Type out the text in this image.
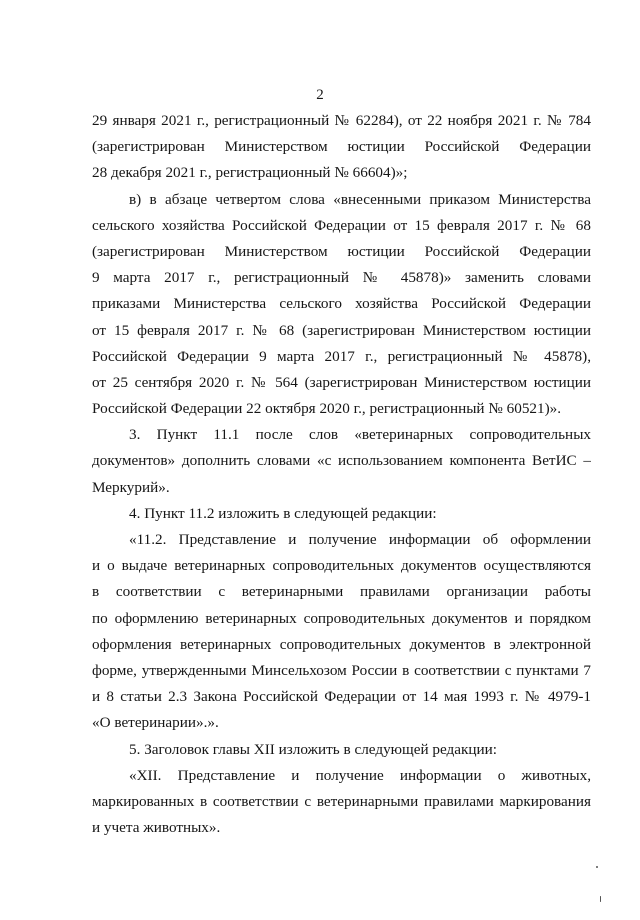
2
29 января 2021 г., регистрационный № 62284), от 22 ноября 2021 г. № 784
(зарегистрирован Министерством юстиции Российской Федерации
28 декабря 2021 г., регистрационный № 66604)»;
в) в абзаце четвертом слова «внесенными приказом Министерства
сельского хозяйства Российской Федерации от 15 февраля 2017 г. № 68
(зарегистрирован Министерством юстиции Российской Федерации
9 марта 2017 г., регистрационный № 45878)» заменить словами
приказами Министерства сельского хозяйства Российской Федерации
от 15 февраля 2017 г. № 68 (зарегистрирован Министерством юстиции
Российской Федерации 9 марта 2017 г., регистрационный № 45878),
от 25 сентября 2020 г. № 564 (зарегистрирован Министерством юстиции
Российской Федерации 22 октября 2020 г., регистрационный № 60521)».
3. Пункт 11.1 после слов «ветеринарных сопроводительных
документов» дополнить словами «с использованием компонента ВетИС –
Меркурий».
4. Пункт 11.2 изложить в следующей редакции:
«11.2. Представление и получение информации об оформлении
и о выдаче ветеринарных сопроводительных документов осуществляются
в соответствии с ветеринарными правилами организации работы
по оформлению ветеринарных сопроводительных документов и порядком
оформления ветеринарных сопроводительных документов в электронной
форме, утвержденными Минсельхозом России в соответствии с пунктами 7
и 8 статьи 2.3 Закона Российской Федерации от 14 мая 1993 г. № 4979-1
«О ветеринарии».».
5. Заголовок главы XII изложить в следующей редакции:
«XII. Представление и получение информации о животных,
маркированных в соответствии с ветеринарными правилами маркирования
и учета животных».
